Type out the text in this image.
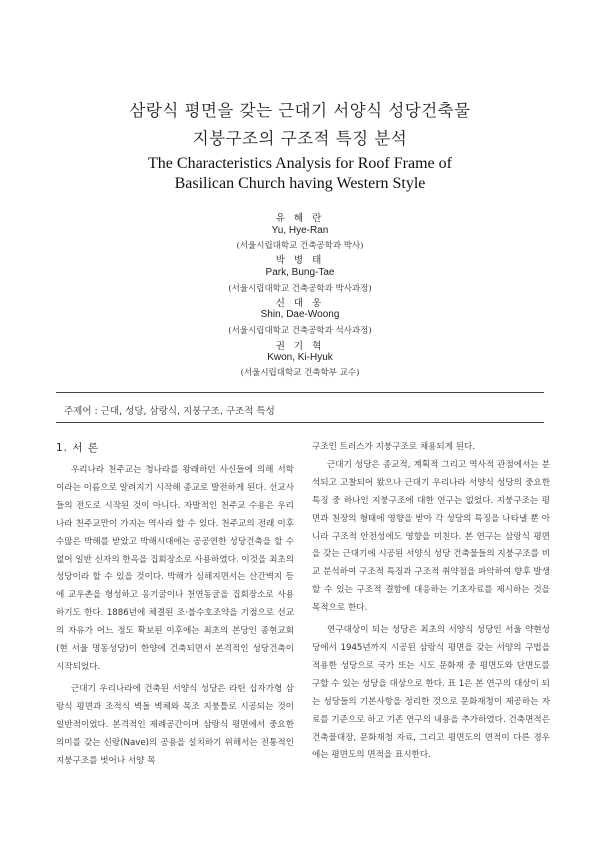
삼랑식 평면을 갖는 근대기 서양식 성당건축물
지붕구조의 구조적 특징 분석
The Characteristics Analysis for Roof Frame of
Basilican Church having Western Style
유 혜 란
Yu, Hye-Ran
(서울시립대학교 건축공학과 박사)
박 병 태
Park, Bung-Tae
(서울시립대학교 건축공학과 박사과정)
신 대 웅
Shin, Dae-Woong
(서울시립대학교 건축공학과 석사과정)
권 기 혁
Kwon, Ki-Hyuk
(서울시립대학교 건축학부 교수)
주제어 : 근대, 성당, 삼랑식, 지붕구조, 구조적 특성
1. 서 론

우리나라 천주교는 청나라를 왕래하던 사신들에 의해 서학이라는 이름으로 알려지기 시작해 종교로 발전하게 된다. 선교사들의 전도로 시작된 것이 아니다. 자발적인 천주교 수용은 우리나라 천주교만이 가지는 역사라 할 수 있다. 천주교의 전래 이후 수많은 박해를 받았고 박해시대에는 공공연한 성당건축을 할 수 없어 일반 신자의 한옥을 집회장소로 사용하였다. 이것을 최초의 성당이라 할 수 있을 것이다. 박해가 심해지면서는 산간벽지 등에 교우촌을 형성하고 옹기굴이나 천연동굴을 집회장소로 사용하기도 한다. 1886년에 체결된 조·불수호조약을 기점으로 선교의 자유가 어느 정도 확보된 이후에는 최초의 본당인 종현교회(현 서울 명동성당)이 한양에 건축되면서 본격적인 성당건축이 시작되었다.

근대기 우리나라에 건축된 서양식 성당은 라틴 십자가형 삼랑식 평면과 조적식 벽돌 벽체와 목조 지붕틀로 시공되는 것이 일반적이었다. 본격적인 제례공간이며 삼랑식 평면에서 중요한 의미를 갖는 신랑(Nave)의 공용을 설치하기 위해서는 전통적인 지붕구조를 벗어나 서양 목

구조인 트러스가 지붕구조로 채용되게 된다.

근대기 성당은 종교적, 계획적 그리고 역사적 관점에서는 분석되고 고찰되어 왔으나 근대기 우리나라 서양식 성당의 중요한 특징 중 하나인 지붕구조에 대한 연구는 없었다. 지붕구조는 평면과 천장의 형태에 영향을 받아 각 성당의 특징을 나타낼 뿐 아니라 구조적 안전성에도 영향을 미친다. 본 연구는 삼랑식 평면을 갖는 근대기에 시공된 서양식 성당 건축물들의 지붕구조를 비교 분석하여 구조적 특징과 구조적 취약점을 파악하여 향후 발생할 수 있는 구조적 결함에 대응하는 기초자료를 제시하는 것을 목적으로 한다.

연구대상이 되는 성당은 최초의 서양식 성당인 서울 약현성당에서 1945년까지 시공된 삼랑식 평면을 갖는 서양의 구법을 적용한 성당으로 국가 또는 시도 문화재 중 평면도와 단면도를 구할 수 있는 성당을 대상으로 한다. 표 1은 본 연구의 대상이 되는 성당들의 기본사항을 정리한 것으로 문화재청이 제공하는 자료를 기준으로 하고 기존 연구의 내용을 추가하였다. 건축면적은 건축물대장, 문화재청 자료, 그리고 평면도의 면적이 다른 경우에는 평면도의 면적을 표시한다.
